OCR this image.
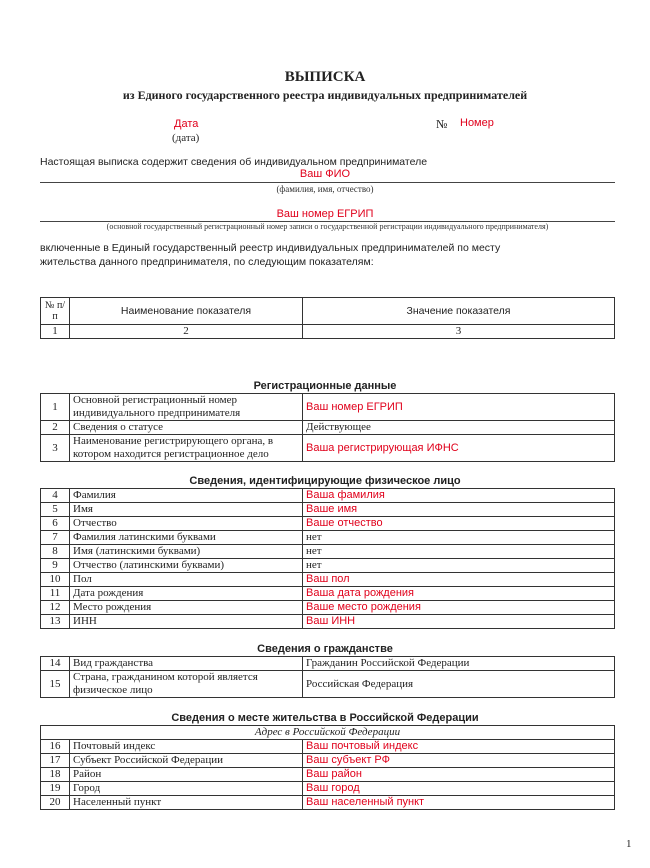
ВЫПИСКА
из Единого государственного реестра индивидуальных предпринимателей
Дата
(дата)
№ Номер
Настоящая выписка содержит сведения об индивидуальном предпринимателе
Ваш ФИО
(фамилия, имя, отчество)
Ваш номер ЕГРИП
(основной государственный регистрационный номер записи о государственной регистрации индивидуального предпринимателя)
включенные в Единый государственный реестр индивидуальных предпринимателей по месту
жительства данного предпринимателя, по следующим показателям:
№ п/п	Наименование показателя	Значение показателя
1	2	3
Регистрационные данные
1	Основной регистрационный номер индивидуального предпринимателя	Ваш номер ЕГРИП
2	Сведения о статусе	Действующее
3	Наименование регистрирующего органа, в котором находится регистрационное дело	Ваша регистрирующая ИФНС
Сведения, идентифицирующие физическое лицо
4	Фамилия	Ваша фамилия
5	Имя	Ваше имя
6	Отчество	Ваше отчество
7	Фамилия латинскими буквами	нет
8	Имя (латинскими буквами)	нет
9	Отчество (латинскими буквами)	нет
10	Пол	Ваш пол
11	Дата рождения	Ваша дата рождения
12	Место рождения	Ваше место рождения
13	ИНН	Ваш ИНН
Сведения о гражданстве
14	Вид гражданства	Гражданин Российской Федерации
15	Страна, гражданином которой является физическое лицо	Российская Федерация
Сведения о месте жительства в Российской Федерации
Адрес в Российской Федерации		
16	Почтовый индекс	Ваш почтовый индекс
17	Субъект Российской Федерации	Ваш субъект РФ
18	Район	Ваш район
19	Город	Ваш город
20	Населенный пункт	Ваш населенный пункт
1
